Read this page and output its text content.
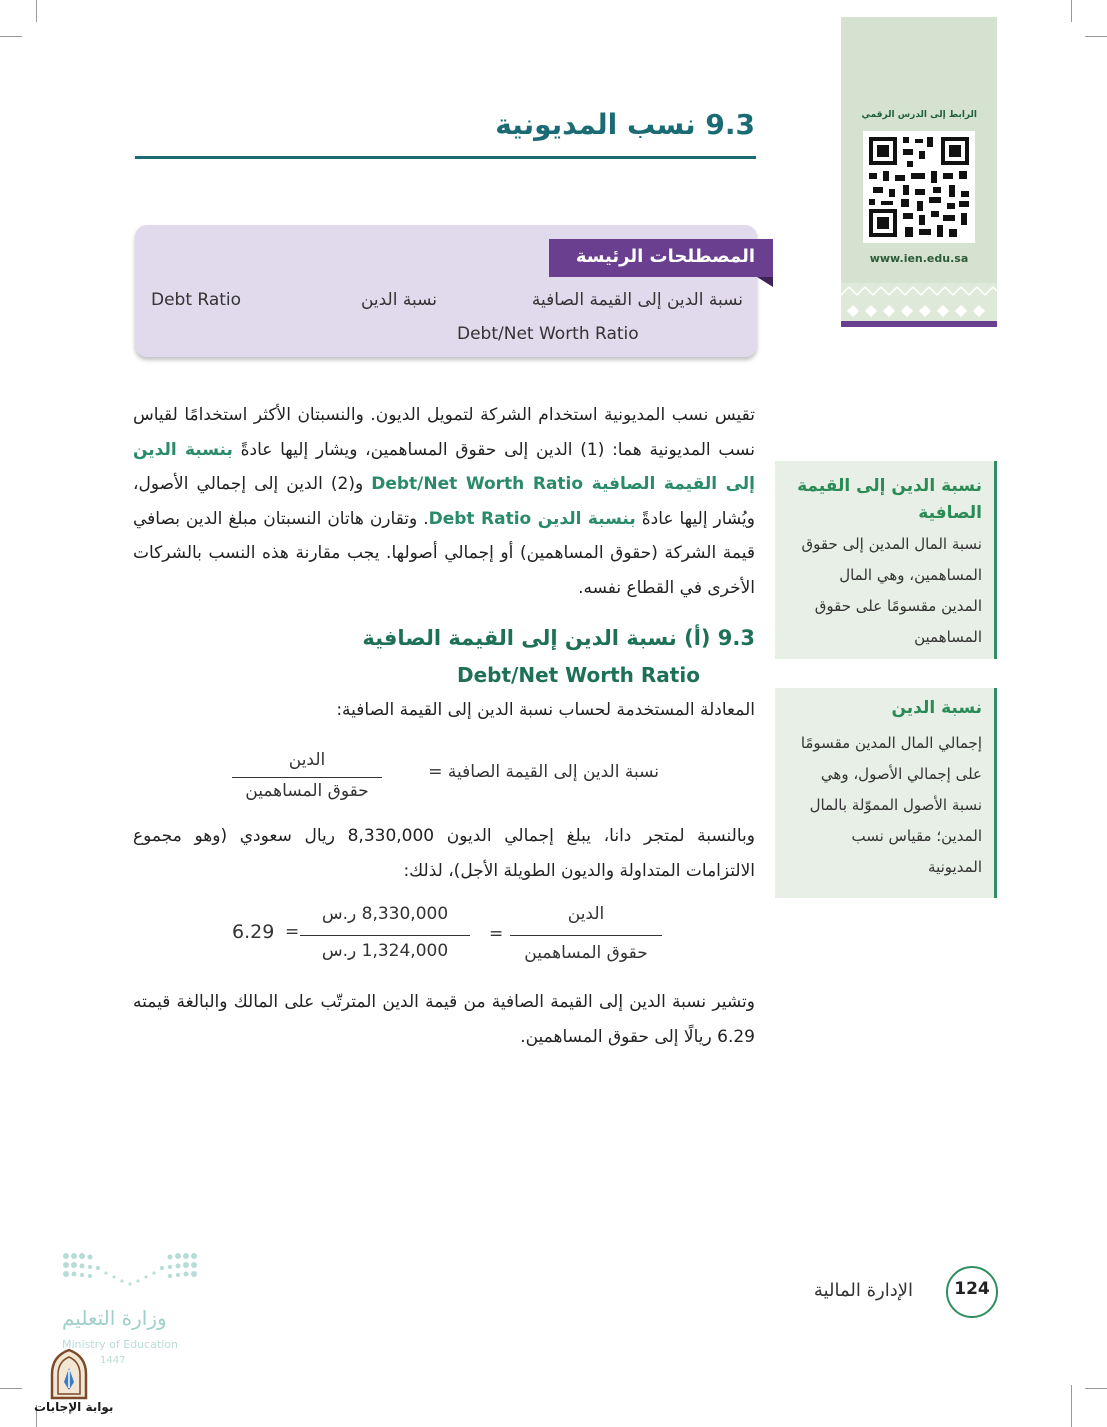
الرابط إلى الدرس الرقمي
www.ien.edu.sa
9.3 نسب المديونية
المصطلحات الرئيسة
نسبة الدين إلى القيمة الصافية
Debt/Net Worth Ratio
نسبة الدين
Debt Ratio
تقيس نسب المديونية استخدام الشركة لتمويل الديون. والنسبتان الأكثر استخدامًا لقياس نسب المديونية هما: (1) الدين إلى حقوق المساهمين، ويشار إليها عادةً بنسبة الدين إلى القيمة الصافية Debt/Net Worth Ratio و(2) الدين إلى إجمالي الأصول، ويُشار إليها عادةً بنسبة الدين Debt Ratio. وتقارن هاتان النسبتان مبلغ الدين بصافي قيمة الشركة (حقوق المساهمين) أو إجمالي أصولها. يجب مقارنة هذه النسب بالشركات الأخرى في القطاع نفسه.
9.3 (أ) نسبة الدين إلى القيمة الصافية
Debt/Net Worth Ratio
المعادلة المستخدمة لحساب نسبة الدين إلى القيمة الصافية:
نسبة الدين إلى القيمة الصافية =
الدين
حقوق المساهمين
وبالنسبة لمتجر دانا، يبلغ إجمالي الديون 8,330,000 ريال سعودي (وهو مجموع الالتزامات المتداولة والديون الطويلة الأجل)، لذلك:
الدين
حقوق المساهمين
=
8,330,000 ر.س
1,324,000 ر.س
=
6.29
وتشير نسبة الدين إلى القيمة الصافية من قيمة الدين المترتّب على المالك والبالغة قيمته 6.29 ريالًا إلى حقوق المساهمين.
نسبة الدين إلى القيمة الصافية
نسبة المال المدين إلى حقوق المساهمين، وهي المال المدين مقسومًا على حقوق المساهمين
نسبة الدين
إجمالي المال المدين مقسومًا على إجمالي الأصول، وهي نسبة الأصول المموّلة بالمال المدين؛ مقياس نسب المديونية
124
الإدارة المالية
وزارة التعليم
Ministry of Education
1447
بوابة الإجابات
